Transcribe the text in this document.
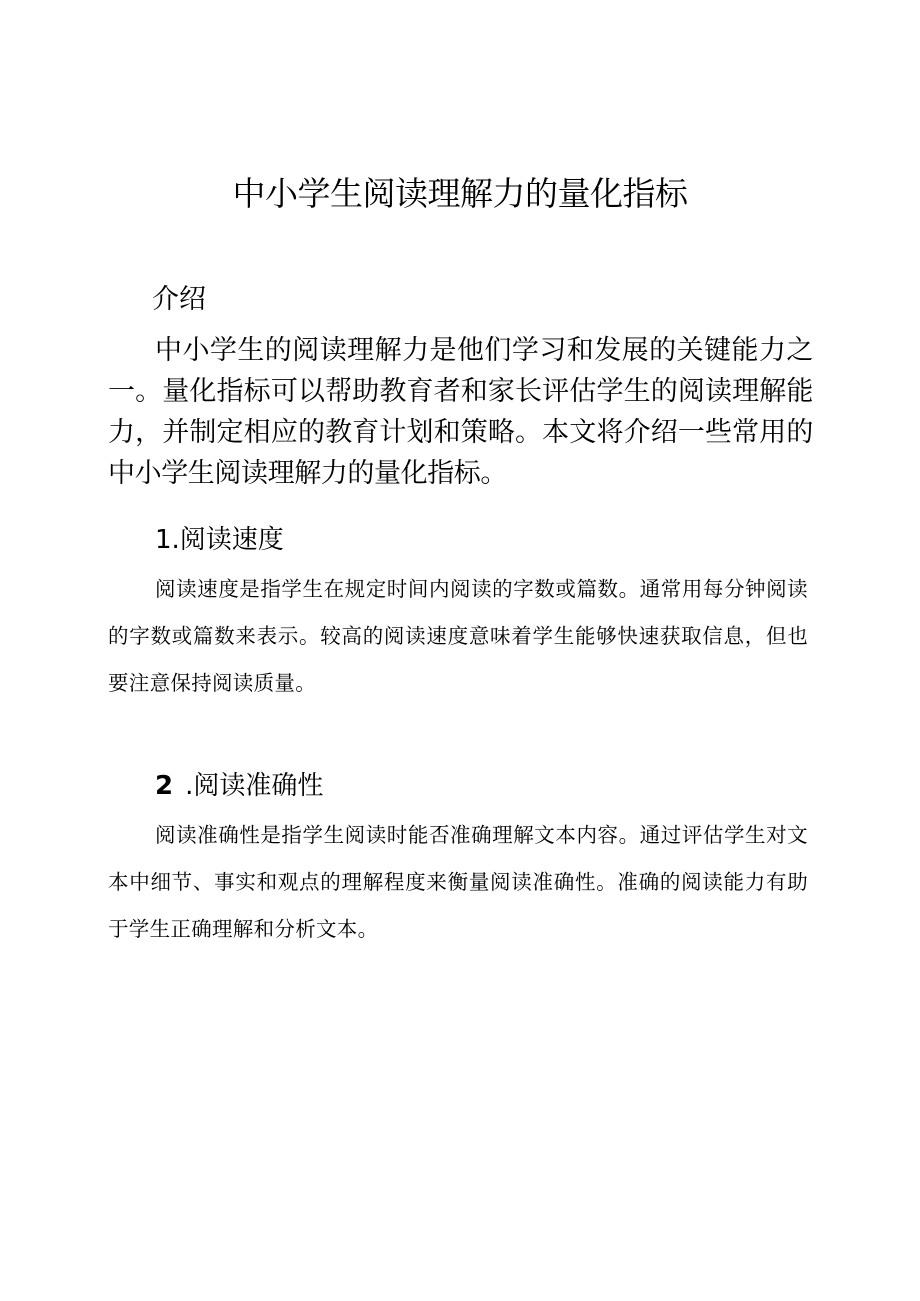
中小学生阅读理解力的量化指标
介绍

中小学生的阅读理解力是他们学习和发展的关键能力之一。量化指标可以帮助教育者和家长评估学生的阅读理解能力，并制定相应的教育计划和策略。本文将介绍一些常用的中小学生阅读理解力的量化指标。

1.阅读速度

阅读速度是指学生在规定时间内阅读的字数或篇数。通常用每分钟阅读的字数或篇数来表示。较高的阅读速度意味着学生能够快速获取信息，但也要注意保持阅读质量。

2 .阅读准确性

阅读准确性是指学生阅读时能否准确理解文本内容。通过评估学生对文本中细节、事实和观点的理解程度来衡量阅读准确性。准确的阅读能力有助于学生正确理解和分析文本。
